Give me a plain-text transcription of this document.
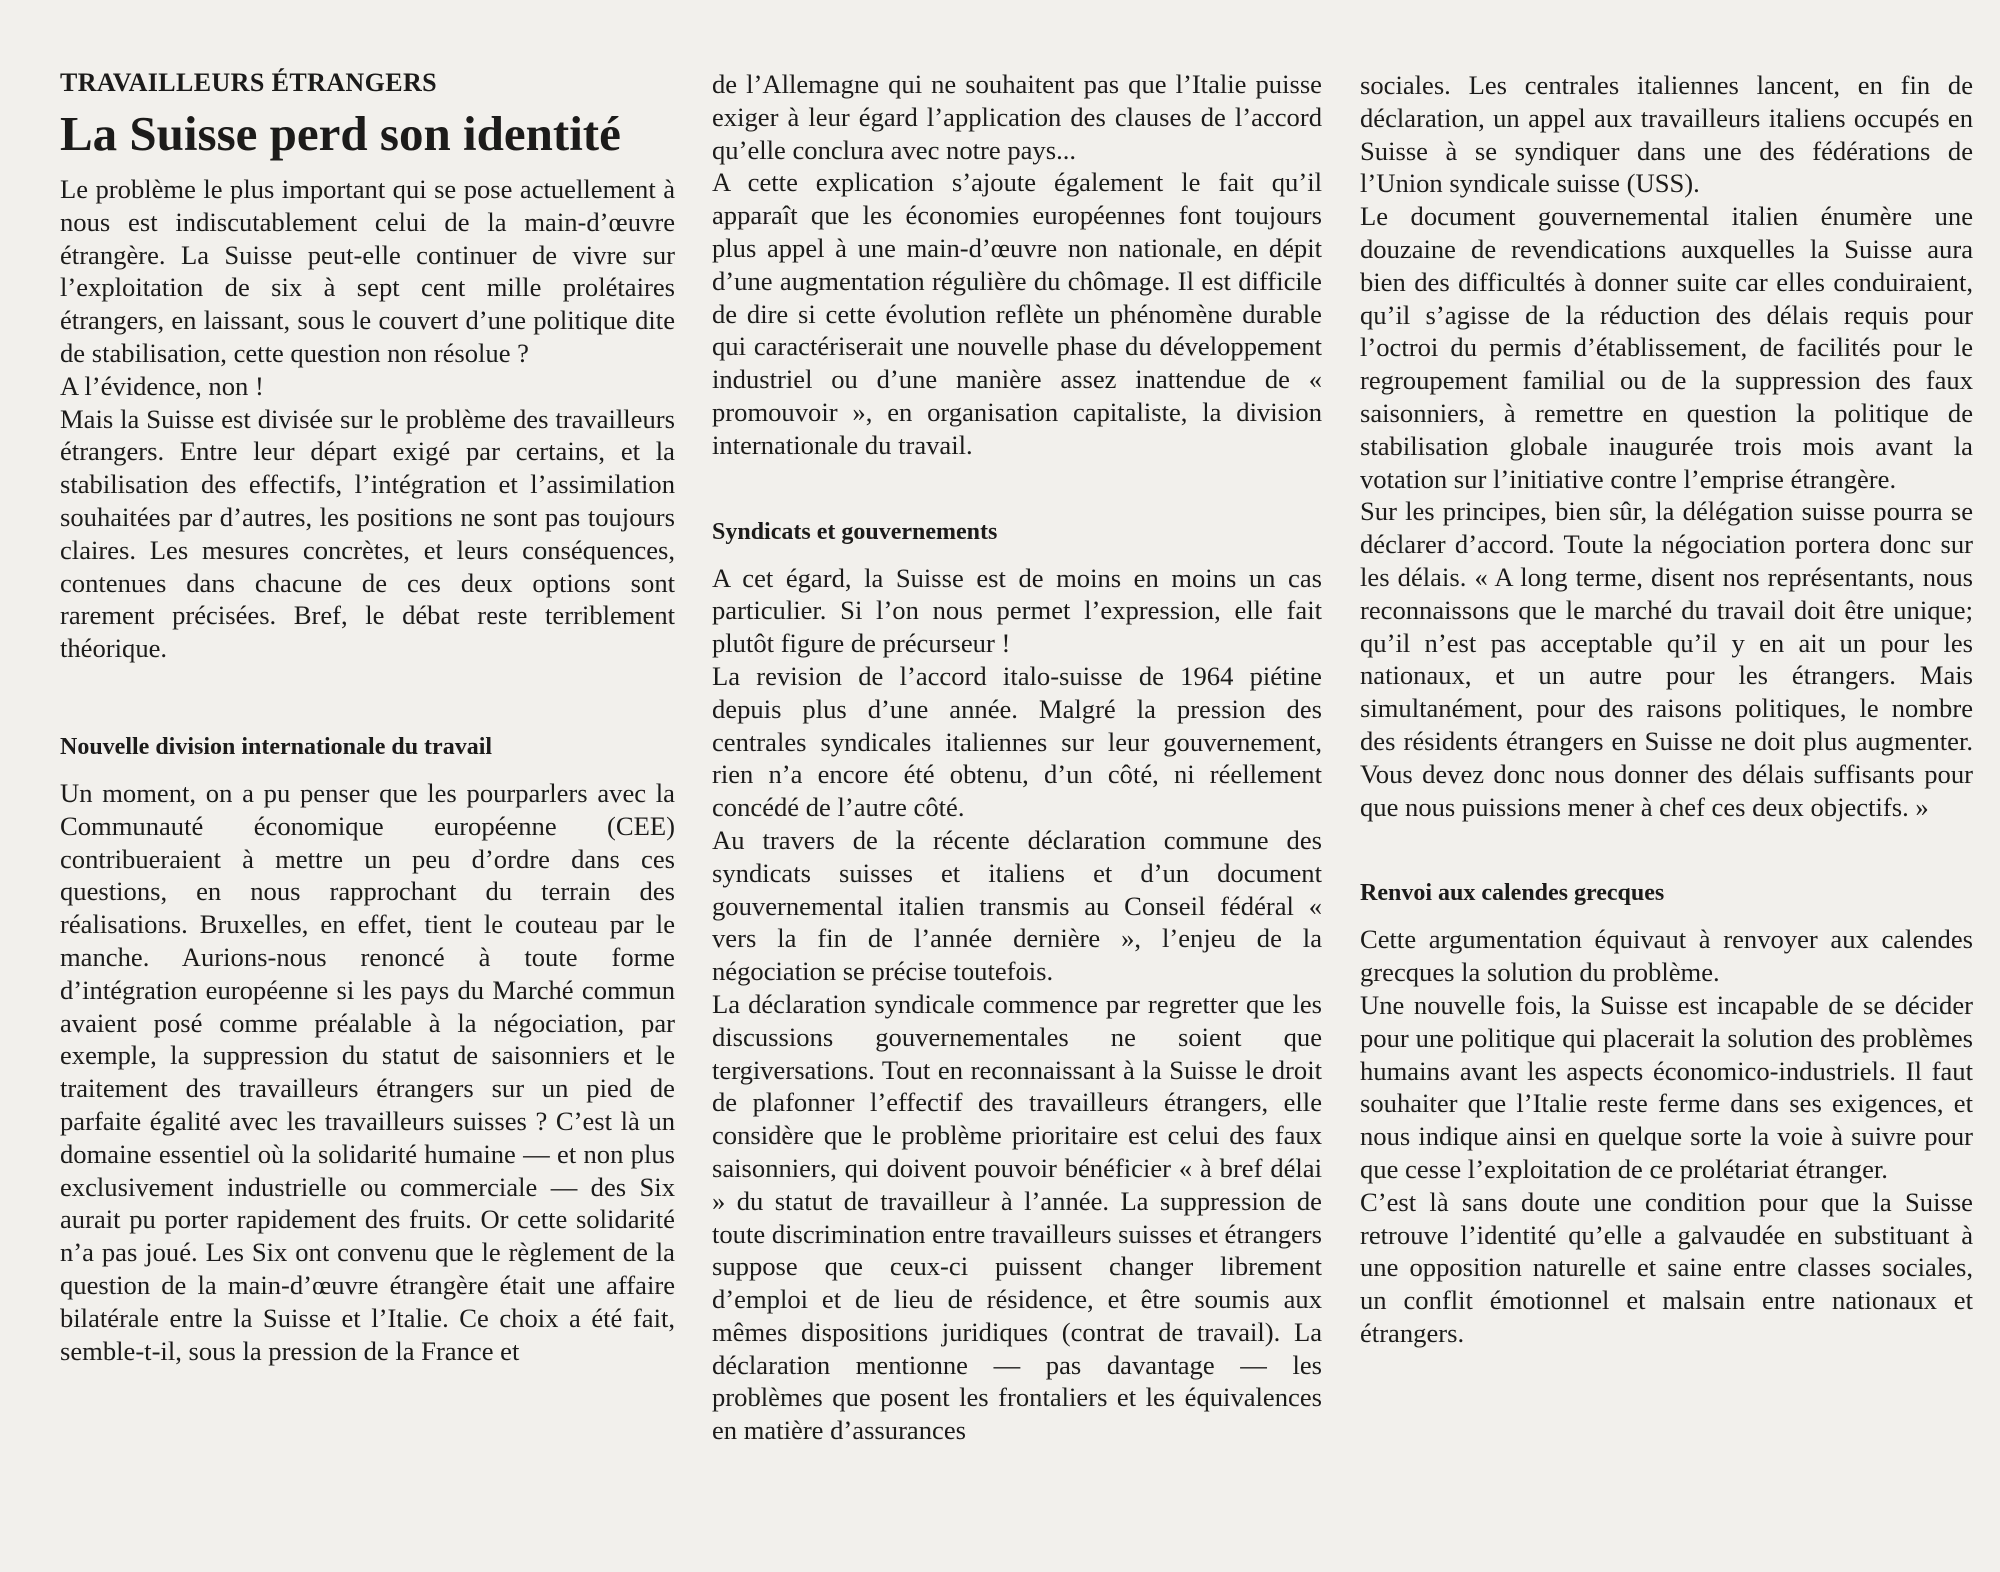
TRAVAILLEURS ÉTRANGERS
La Suisse perd son identité

Le problème le plus important qui se pose actuellement à nous est indiscutablement celui de la main-d’œuvre étrangère. La Suisse peut-elle continuer de vivre sur l’exploitation de six à sept cent mille prolétaires étrangers, en laissant, sous le couvert d’une politique dite de stabilisation, cette question non résolue ?

A l’évidence, non !

Mais la Suisse est divisée sur le problème des travailleurs étrangers. Entre leur départ exigé par certains, et la stabilisation des effectifs, l’intégration et l’assimilation souhaitées par d’autres, les positions ne sont pas toujours claires. Les mesures concrètes, et leurs conséquences, contenues dans chacune de ces deux options sont rarement précisées. Bref, le débat reste terriblement théorique.

Nouvelle division internationale du travail

Un moment, on a pu penser que les pourparlers avec la Communauté économique européenne (CEE) contribueraient à mettre un peu d’ordre dans ces questions, en nous rapprochant du terrain des réalisations. Bruxelles, en effet, tient le couteau par le manche. Aurions-nous renoncé à toute forme d’intégration européenne si les pays du Marché commun avaient posé comme préalable à la négociation, par exemple, la suppression du statut de saisonniers et le traitement des travailleurs étrangers sur un pied de parfaite égalité avec les travailleurs suisses ? C’est là un domaine essentiel où la solidarité humaine — et non plus exclusivement industrielle ou commerciale — des Six aurait pu porter rapidement des fruits. Or cette solidarité n’a pas joué. Les Six ont convenu que le règlement de la question de la main-d’œuvre étrangère était une affaire bilatérale entre la Suisse et l’Italie. Ce choix a été fait, semble-t-il, sous la pression de la France et

de l’Allemagne qui ne souhaitent pas que l’Italie puisse exiger à leur égard l’application des clauses de l’accord qu’elle conclura avec notre pays...

A cette explication s’ajoute également le fait qu’il apparaît que les économies européennes font toujours plus appel à une main-d’œuvre non nationale, en dépit d’une augmentation régulière du chômage. Il est difficile de dire si cette évolution reflète un phénomène durable qui caractériserait une nouvelle phase du développement industriel ou d’une manière assez inattendue de « promouvoir », en organisation capitaliste, la division internationale du travail.

Syndicats et gouvernements

A cet égard, la Suisse est de moins en moins un cas particulier. Si l’on nous permet l’expression, elle fait plutôt figure de précurseur !

La revision de l’accord italo-suisse de 1964 piétine depuis plus d’une année. Malgré la pression des centrales syndicales italiennes sur leur gouvernement, rien n’a encore été obtenu, d’un côté, ni réellement concédé de l’autre côté.

Au travers de la récente déclaration commune des syndicats suisses et italiens et d’un document gouvernemental italien transmis au Conseil fédéral « vers la fin de l’année dernière », l’enjeu de la négociation se précise toutefois.

La déclaration syndicale commence par regretter que les discussions gouvernementales ne soient que tergiversations. Tout en reconnaissant à la Suisse le droit de plafonner l’effectif des travailleurs étrangers, elle considère que le problème prioritaire est celui des faux saisonniers, qui doivent pouvoir bénéficier « à bref délai » du statut de travailleur à l’année. La suppression de toute discrimination entre travailleurs suisses et étrangers suppose que ceux-ci puissent changer librement d’emploi et de lieu de résidence, et être soumis aux mêmes dispositions juridiques (contrat de travail). La déclaration mentionne — pas davantage — les problèmes que posent les frontaliers et les équivalences en matière d’assurances

sociales. Les centrales italiennes lancent, en fin de déclaration, un appel aux travailleurs italiens occupés en Suisse à se syndiquer dans une des fédérations de l’Union syndicale suisse (USS).

Le document gouvernemental italien énumère une douzaine de revendications auxquelles la Suisse aura bien des difficultés à donner suite car elles conduiraient, qu’il s’agisse de la réduction des délais requis pour l’octroi du permis d’établissement, de facilités pour le regroupement familial ou de la suppression des faux saisonniers, à remettre en question la politique de stabilisation globale inaugurée trois mois avant la votation sur l’initiative contre l’emprise étrangère.

Sur les principes, bien sûr, la délégation suisse pourra se déclarer d’accord. Toute la négociation portera donc sur les délais. « A long terme, disent nos représentants, nous reconnaissons que le marché du travail doit être unique; qu’il n’est pas acceptable qu’il y en ait un pour les nationaux, et un autre pour les étrangers. Mais simultanément, pour des raisons politiques, le nombre des résidents étrangers en Suisse ne doit plus augmenter. Vous devez donc nous donner des délais suffisants pour que nous puissions mener à chef ces deux objectifs. »

Renvoi aux calendes grecques

Cette argumentation équivaut à renvoyer aux calendes grecques la solution du problème.

Une nouvelle fois, la Suisse est incapable de se décider pour une politique qui placerait la solution des problèmes humains avant les aspects économico-industriels. Il faut souhaiter que l’Italie reste ferme dans ses exigences, et nous indique ainsi en quelque sorte la voie à suivre pour que cesse l’exploitation de ce prolétariat étranger.

C’est là sans doute une condition pour que la Suisse retrouve l’identité qu’elle a galvaudée en substituant à une opposition naturelle et saine entre classes sociales, un conflit émotionnel et malsain entre nationaux et étrangers.
